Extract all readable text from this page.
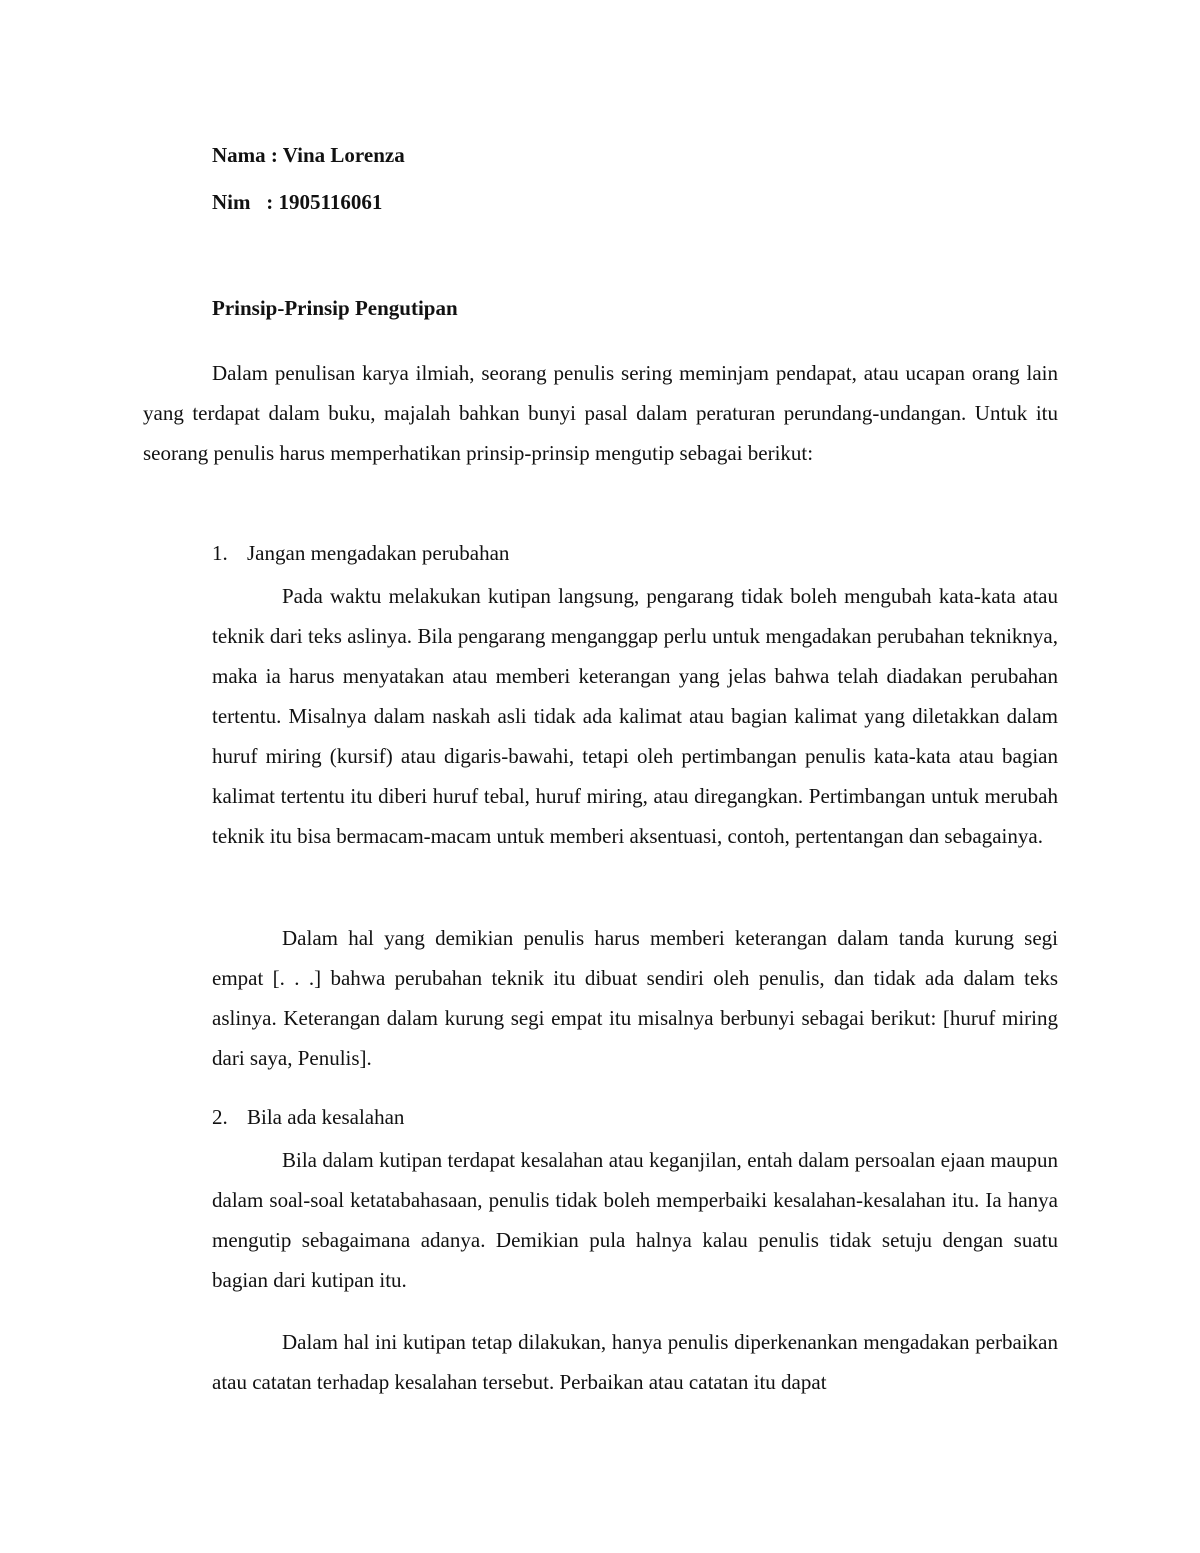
Nama : Vina Lorenza
Nim   : 1905116061
Prinsip-Prinsip Pengutipan

Dalam penulisan karya ilmiah, seorang penulis sering meminjam pendapat, atau ucapan orang lain yang terdapat dalam buku, majalah bahkan bunyi pasal dalam peraturan perundang-undangan. Untuk itu seorang penulis harus memperhatikan prinsip-prinsip mengutip sebagai berikut:

1. Jangan mengadakan perubahan

Pada waktu melakukan kutipan langsung, pengarang tidak boleh mengubah kata-kata atau teknik dari teks aslinya. Bila pengarang menganggap perlu untuk mengadakan perubahan tekniknya, maka ia harus menyatakan atau memberi keterangan yang jelas bahwa telah diadakan perubahan tertentu. Misalnya dalam naskah asli tidak ada kalimat atau bagian kalimat yang diletakkan dalam huruf miring (kursif) atau digaris-bawahi, tetapi oleh pertimbangan penulis kata-kata atau bagian kalimat tertentu itu diberi huruf tebal, huruf miring, atau diregangkan. Pertimbangan untuk merubah teknik itu bisa bermacam-macam untuk memberi aksentuasi, contoh, pertentangan dan sebagainya.

Dalam hal yang demikian penulis harus memberi keterangan dalam tanda kurung segi empat [. . .] bahwa perubahan teknik itu dibuat sendiri oleh penulis, dan tidak ada dalam teks aslinya. Keterangan dalam kurung segi empat itu misalnya berbunyi sebagai berikut: [huruf miring dari saya, Penulis].

2. Bila ada kesalahan

Bila dalam kutipan terdapat kesalahan atau keganjilan, entah dalam persoalan ejaan maupun dalam soal-soal ketatabahasaan, penulis tidak boleh memperbaiki kesalahan-kesalahan itu. Ia hanya mengutip sebagaimana adanya. Demikian pula halnya kalau penulis tidak setuju dengan suatu bagian dari kutipan itu.

Dalam hal ini kutipan tetap dilakukan, hanya penulis diperkenankan mengadakan perbaikan atau catatan terhadap kesalahan tersebut. Perbaikan atau catatan itu dapat
